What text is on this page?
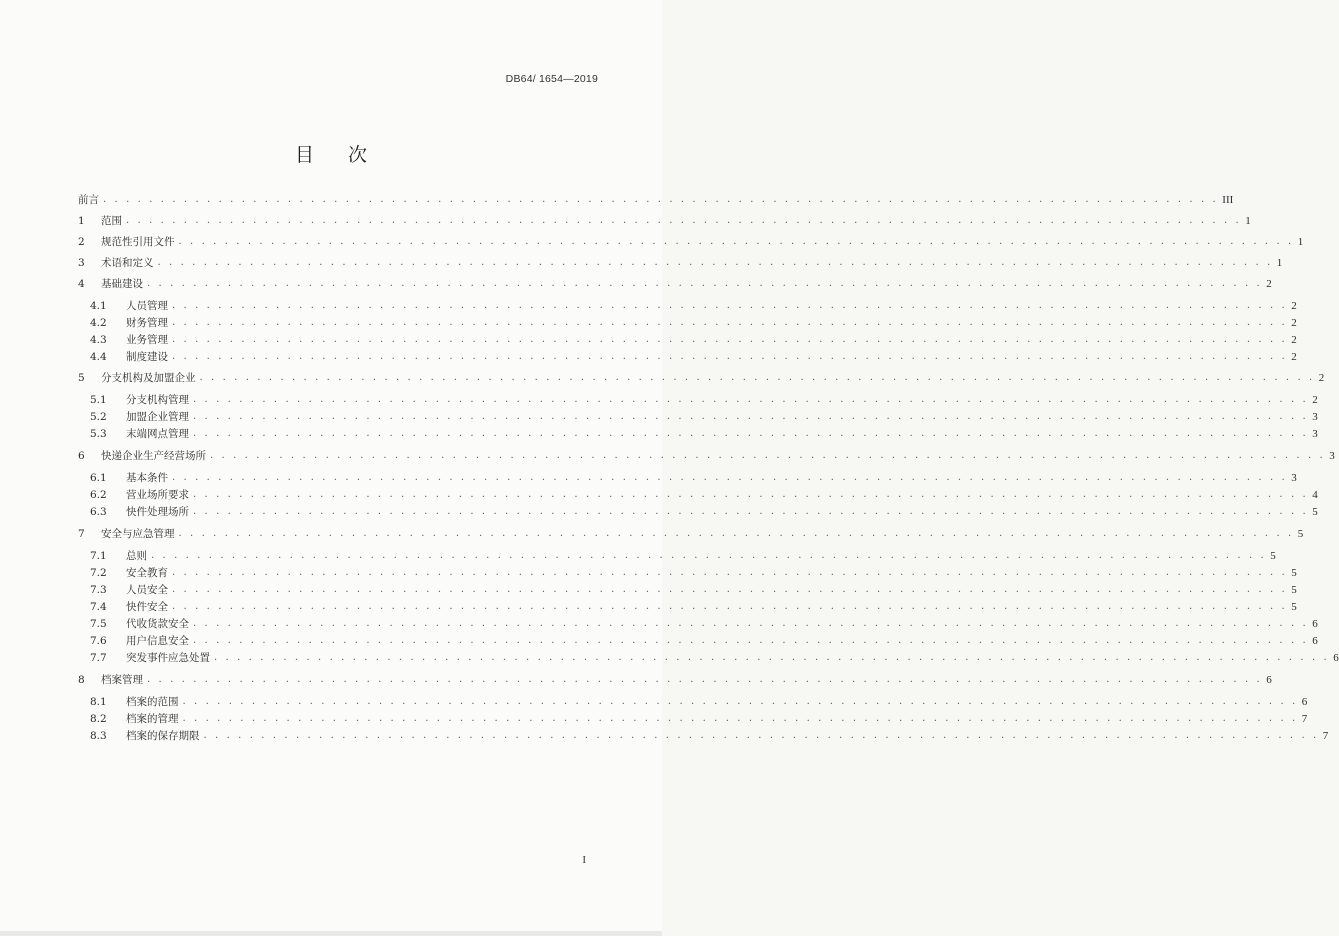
DB64/ 1654—2019
目 次
前言 . . . . . . . . . . . . . . . . . . . . . . . . . . . . . . . . . . . . . . . . . . . . . . . . . . . . . . . . . . . . . . . . . . . . . . . . . . . . . . . . . . . . . . . . . . . . . . . . . III
1	范围 . . . . . . . . . . . . . . . . . . . . . . . . . . . . . . . . . . . . . . . . . . . . . . . . . . . . . . . . . . . . . . . . . . . . . . . . . . . . . . . . . . . . . . . . . . . . . . . . . 1
2	规范性引用文件 . . . . . . . . . . . . . . . . . . . . . . . . . . . . . . . . . . . . . . . . . . . . . . . . . . . . . . . . . . . . . . . . . . . . . . . . . . . . . . . . . . . . . . . . . . . . . . . . . 1
3	术语和定义 . . . . . . . . . . . . . . . . . . . . . . . . . . . . . . . . . . . . . . . . . . . . . . . . . . . . . . . . . . . . . . . . . . . . . . . . . . . . . . . . . . . . . . . . . . . . . . . . . 1
4	基础建设 . . . . . . . . . . . . . . . . . . . . . . . . . . . . . . . . . . . . . . . . . . . . . . . . . . . . . . . . . . . . . . . . . . . . . . . . . . . . . . . . . . . . . . . . . . . . . . . . . 2
4.1	人员管理 . . . . . . . . . . . . . . . . . . . . . . . . . . . . . . . . . . . . . . . . . . . . . . . . . . . . . . . . . . . . . . . . . . . . . . . . . . . . . . . . . . . . . . . . . . . . . . . . . 2
4.2	财务管理 . . . . . . . . . . . . . . . . . . . . . . . . . . . . . . . . . . . . . . . . . . . . . . . . . . . . . . . . . . . . . . . . . . . . . . . . . . . . . . . . . . . . . . . . . . . . . . . . . 2
4.3	业务管理 . . . . . . . . . . . . . . . . . . . . . . . . . . . . . . . . . . . . . . . . . . . . . . . . . . . . . . . . . . . . . . . . . . . . . . . . . . . . . . . . . . . . . . . . . . . . . . . . . 2
4.4	制度建设 . . . . . . . . . . . . . . . . . . . . . . . . . . . . . . . . . . . . . . . . . . . . . . . . . . . . . . . . . . . . . . . . . . . . . . . . . . . . . . . . . . . . . . . . . . . . . . . . . 2
5	分支机构及加盟企业 . . . . . . . . . . . . . . . . . . . . . . . . . . . . . . . . . . . . . . . . . . . . . . . . . . . . . . . . . . . . . . . . . . . . . . . . . . . . . . . . . . . . . . . . . . . . . . . . . 2
5.1	分支机构管理 . . . . . . . . . . . . . . . . . . . . . . . . . . . . . . . . . . . . . . . . . . . . . . . . . . . . . . . . . . . . . . . . . . . . . . . . . . . . . . . . . . . . . . . . . . . . . . . . . 2
5.2	加盟企业管理 . . . . . . . . . . . . . . . . . . . . . . . . . . . . . . . . . . . . . . . . . . . . . . . . . . . . . . . . . . . . . . . . . . . . . . . . . . . . . . . . . . . . . . . . . . . . . . . . . 3
5.3	末端网点管理 . . . . . . . . . . . . . . . . . . . . . . . . . . . . . . . . . . . . . . . . . . . . . . . . . . . . . . . . . . . . . . . . . . . . . . . . . . . . . . . . . . . . . . . . . . . . . . . . . 3
6	快递企业生产经营场所 . . . . . . . . . . . . . . . . . . . . . . . . . . . . . . . . . . . . . . . . . . . . . . . . . . . . . . . . . . . . . . . . . . . . . . . . . . . . . . . . . . . . . . . . . . . . . . . . . 3
6.1	基本条件 . . . . . . . . . . . . . . . . . . . . . . . . . . . . . . . . . . . . . . . . . . . . . . . . . . . . . . . . . . . . . . . . . . . . . . . . . . . . . . . . . . . . . . . . . . . . . . . . . 3
6.2	营业场所要求 . . . . . . . . . . . . . . . . . . . . . . . . . . . . . . . . . . . . . . . . . . . . . . . . . . . . . . . . . . . . . . . . . . . . . . . . . . . . . . . . . . . . . . . . . . . . . . . . . 4
6.3	快件处理场所 . . . . . . . . . . . . . . . . . . . . . . . . . . . . . . . . . . . . . . . . . . . . . . . . . . . . . . . . . . . . . . . . . . . . . . . . . . . . . . . . . . . . . . . . . . . . . . . . . 5
7	安全与应急管理 . . . . . . . . . . . . . . . . . . . . . . . . . . . . . . . . . . . . . . . . . . . . . . . . . . . . . . . . . . . . . . . . . . . . . . . . . . . . . . . . . . . . . . . . . . . . . . . . . 5
7.1	总则 . . . . . . . . . . . . . . . . . . . . . . . . . . . . . . . . . . . . . . . . . . . . . . . . . . . . . . . . . . . . . . . . . . . . . . . . . . . . . . . . . . . . . . . . . . . . . . . . . 5
7.2	安全教育 . . . . . . . . . . . . . . . . . . . . . . . . . . . . . . . . . . . . . . . . . . . . . . . . . . . . . . . . . . . . . . . . . . . . . . . . . . . . . . . . . . . . . . . . . . . . . . . . . 5
7.3	人员安全 . . . . . . . . . . . . . . . . . . . . . . . . . . . . . . . . . . . . . . . . . . . . . . . . . . . . . . . . . . . . . . . . . . . . . . . . . . . . . . . . . . . . . . . . . . . . . . . . . 5
7.4	快件安全 . . . . . . . . . . . . . . . . . . . . . . . . . . . . . . . . . . . . . . . . . . . . . . . . . . . . . . . . . . . . . . . . . . . . . . . . . . . . . . . . . . . . . . . . . . . . . . . . . 5
7.5	代收货款安全 . . . . . . . . . . . . . . . . . . . . . . . . . . . . . . . . . . . . . . . . . . . . . . . . . . . . . . . . . . . . . . . . . . . . . . . . . . . . . . . . . . . . . . . . . . . . . . . . . 6
7.6	用户信息安全 . . . . . . . . . . . . . . . . . . . . . . . . . . . . . . . . . . . . . . . . . . . . . . . . . . . . . . . . . . . . . . . . . . . . . . . . . . . . . . . . . . . . . . . . . . . . . . . . . 6
7.7	突发事件应急处置 . . . . . . . . . . . . . . . . . . . . . . . . . . . . . . . . . . . . . . . . . . . . . . . . . . . . . . . . . . . . . . . . . . . . . . . . . . . . . . . . . . . . . . . . . . . . . . . . . 6
8	档案管理 . . . . . . . . . . . . . . . . . . . . . . . . . . . . . . . . . . . . . . . . . . . . . . . . . . . . . . . . . . . . . . . . . . . . . . . . . . . . . . . . . . . . . . . . . . . . . . . . . 6
8.1	档案的范围 . . . . . . . . . . . . . . . . . . . . . . . . . . . . . . . . . . . . . . . . . . . . . . . . . . . . . . . . . . . . . . . . . . . . . . . . . . . . . . . . . . . . . . . . . . . . . . . . . 6
8.2	档案的管理 . . . . . . . . . . . . . . . . . . . . . . . . . . . . . . . . . . . . . . . . . . . . . . . . . . . . . . . . . . . . . . . . . . . . . . . . . . . . . . . . . . . . . . . . . . . . . . . . . 7
8.3	档案的保存期限 . . . . . . . . . . . . . . . . . . . . . . . . . . . . . . . . . . . . . . . . . . . . . . . . . . . . . . . . . . . . . . . . . . . . . . . . . . . . . . . . . . . . . . . . . . . . . . . . . 7
I
